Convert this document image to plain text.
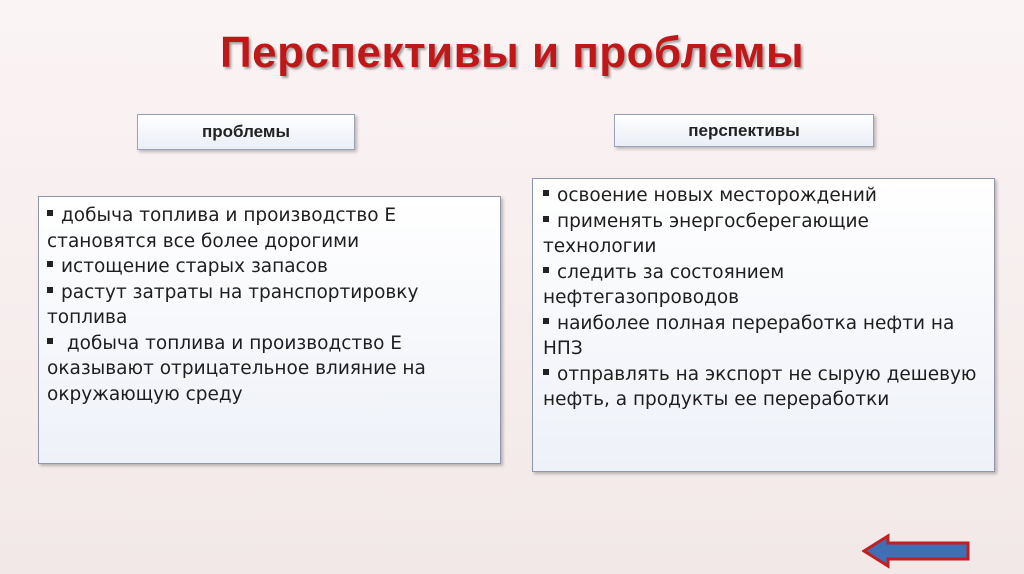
Перспективы и проблемы
проблемы	перспективы

добыча топлива и производство Е становятся все более дорогими

истощение старых запасов

растут затраты на транспортировку топлива

добыча топлива и производство Е оказывают отрицательное влияние на окружающую среду

освоение новых месторождений

применять энергосберегающие технологии

следить за состоянием нефтегазопроводов

наиболее полная переработка нефти на НПЗ

отправлять на экспорт не сырую дешевую нефть, а продукты ее переработки
